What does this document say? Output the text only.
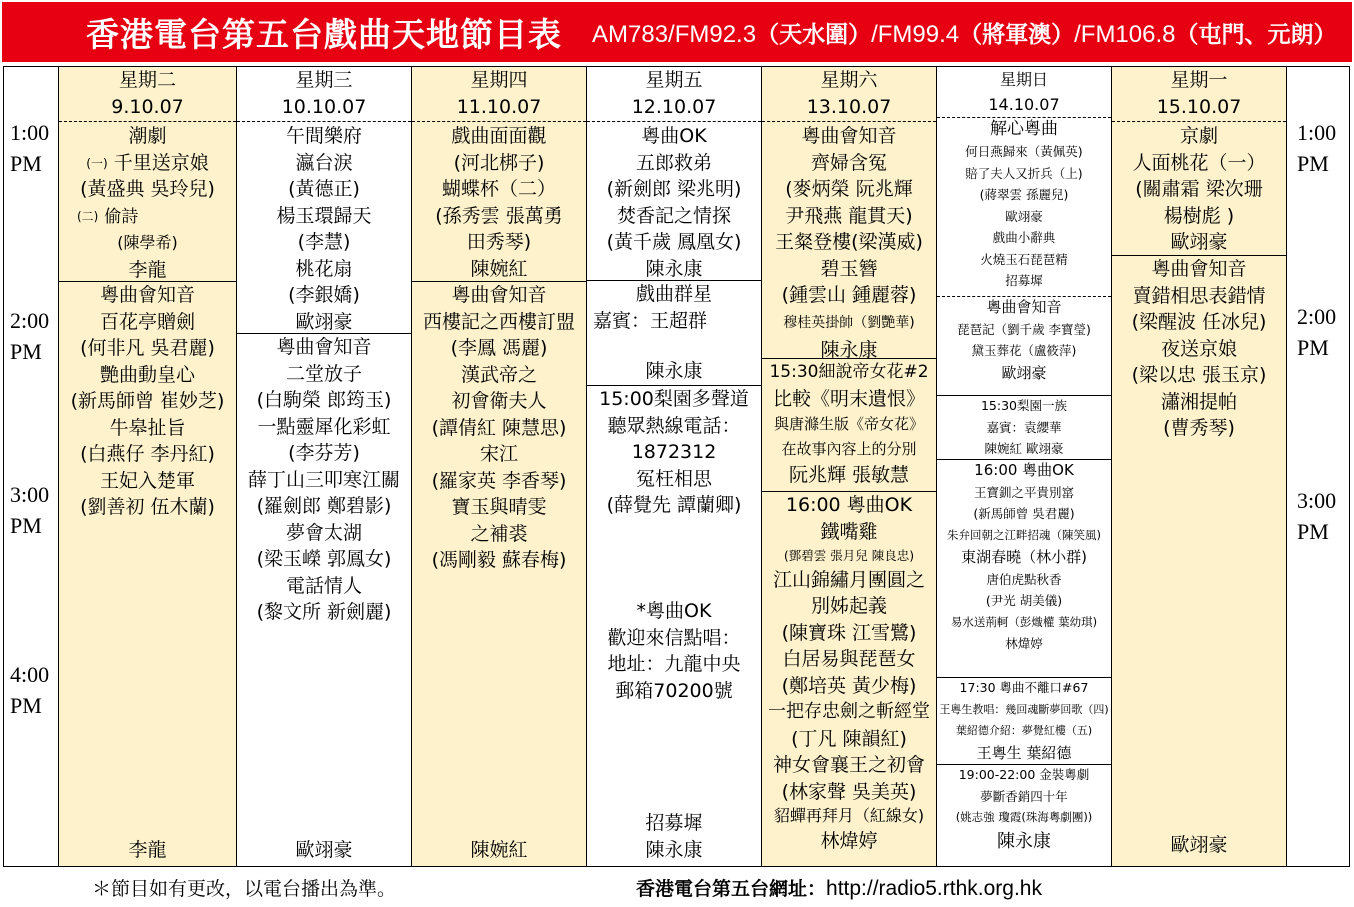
香港電台第五台戲曲天地節目表 AM783/FM92.3（天水圍）/FM99.4（將軍澳）/FM106.8（屯門、元朗）
1:00
PM
2:00
PM
3:00
PM
4:00
PM
星期二
9.10.07
潮劇
(一) 千里送京娘
(黃盛典 吳玲兒)
(二) 偷詩
(陳學希)
李龍
粵曲會知音
百花亭贈劍
(何非凡 吳君麗)
艷曲動皇心
(新馬師曾 崔妙芝)
牛皋扯旨
(白燕仔 李丹紅)
王妃入楚軍
(劉善初 伍木蘭)
李龍
星期三
10.10.07
午間樂府
瀛台淚
(黃德正)
楊玉環歸天
(李慧)
桃花扇
(李銀嬌)
歐翊豪
粵曲會知音
二堂放子
(白駒榮 郎筠玉)
一點靈犀化彩虹
(李芬芳)
薛丁山三叩寒江關
(羅劍郎 鄭碧影)
夢會太湖
(梁玉嶸 郭鳳女)
電話情人
(黎文所 新劍麗)
歐翊豪
星期四
11.10.07
戲曲面面觀
(河北梆子)
蝴蝶杯（二）
(孫秀雲 張萬勇
田秀琴)
陳婉紅
粵曲會知音
西樓記之西樓訂盟
(李鳳 馮麗)
漢武帝之
初會衛夫人
(譚倩紅 陳慧思)
宋江
(羅家英 李香琴)
寶玉與晴雯
之補裘
(馮剛毅 蘇春梅)
陳婉紅
星期五
12.10.07
粵曲OK
五郎救弟
(新劍郎 梁兆明)
焚香記之情探
(黃千歲 鳳凰女)
陳永康
戲曲群星
嘉賓：王超群
陳永康
15:00梨園多聲道
聽眾熱線電話：
1872312
冤枉相思
(薛覺先 譚蘭卿)
*粵曲OK
歡迎來信點唱：
地址：九龍中央
郵箱70200號
招募墀
陳永康
星期六
13.10.07
粵曲會知音
齊婦含冤
(麥炳榮 阮兆輝
尹飛燕 龍貫天)
王粲登樓(梁漢威)
碧玉簪
(鍾雲山 鍾麗蓉)
穆桂英掛帥（劉艷華)
陳永康
15:30細說帝女花#2
比較《明末遺恨》
與唐滌生版《帝女花》
在故事內容上的分別
阮兆輝 張敏慧
16:00 粵曲OK
鐵嘴雞
(鄧碧雲 張月兒 陳良忠)
江山錦繡月團圓之
別姊起義
(陳寶珠 江雪鷺)
白居易與琵琶女
(鄭培英 黃少梅)
一把存忠劍之斬經堂
(丁凡 陳韻紅)
神女會襄王之初會
(林家聲 吳美英)
貂蟬再拜月（紅線女)
林煒婷
星期日
14.10.07
解心粵曲
何日燕歸來（黃佩英)
賠了夫人又折兵（上)
(蔣翠雲 孫麗兒)
歐翊豪
戲曲小辭典
火燒玉石琵琶精
招募墀
粵曲會知音
琵琶記（劉千歲 李寶瑩)
黛玉葬花（盧筱萍)
歐翊豪
15:30梨園一族
嘉賓：袁纓華
陳婉紅 歐翊豪
16:00 粵曲OK
王寶釧之平貴別窰
(新馬師曾 吳君麗)
朱弁回朝之江畔招魂（陳笑風)
東湖春曉（林小群)
唐伯虎點秋香
(尹光 胡美儀)
易水送荊軻（彭熾權 葉幼琪)
林煒婷
17:30 粵曲不離口#67
王粵生教唱：幾回魂斷夢回歌（四)
葉紹德介紹：夢覺紅樓（五)
王粵生 葉紹德
19:00-22:00 金裝粵劇
夢斷香銷四十年
(姚志強 瓊霞(珠海粵劇團))
陳永康
星期一
15.10.07
京劇
人面桃花（一）
(關肅霜 梁次珊
楊樹彪 )
歐翊豪
粵曲會知音
賣錯相思表錯情
(梁醒波 任冰兒)
夜送京娘
(梁以忠 張玉京)
瀟湘提帕
(曹秀琴)
歐翊豪
1:00
PM
2:00
PM
3:00
PM
＊節目如有更改，以電台播出為準。	香港電台第五台網址：http://radio5.rthk.org.hk
